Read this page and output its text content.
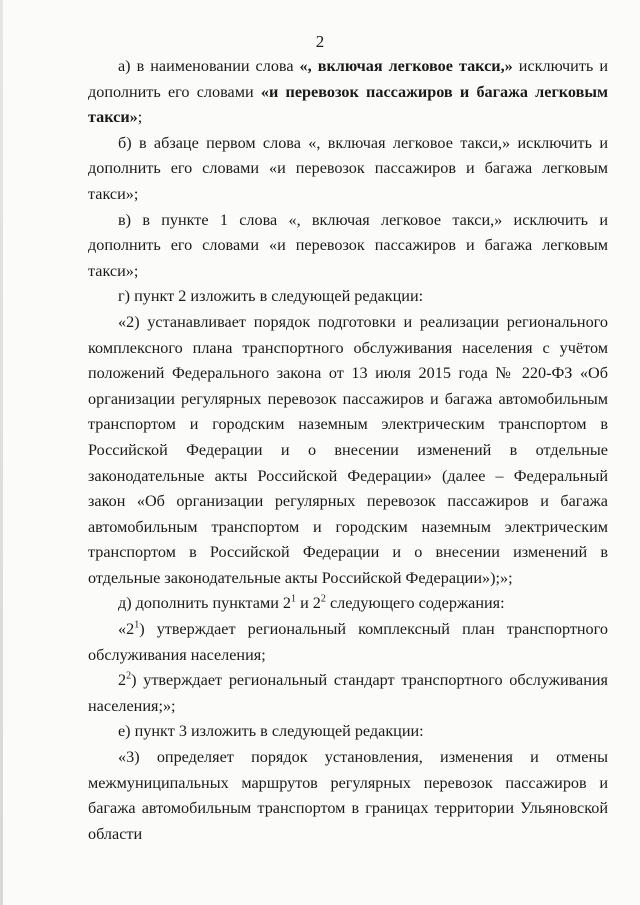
2

а) в наименовании слова «, включая легковое такси,» исключить и дополнить его словами «и перевозок пассажиров и багажа легковым такси»;

б) в абзаце первом слова «, включая легковое такси,» исключить и дополнить его словами «и перевозок пассажиров и багажа легковым такси»;

в) в пункте 1 слова «, включая легковое такси,» исключить и дополнить его словами «и перевозок пассажиров и багажа легковым такси»;

г) пункт 2 изложить в следующей редакции:

«2) устанавливает порядок подготовки и реализации регионального комплексного плана транспортного обслуживания населения с учётом положений Федерального закона от 13 июля 2015 года № 220-ФЗ «Об организации регулярных перевозок пассажиров и багажа автомобильным транспортом и городским наземным электрическим транспортом в Российской Федерации и о внесении изменений в отдельные законодательные акты Российской Федерации» (далее – Федеральный закон «Об организации регулярных перевозок пассажиров и багажа автомобильным транспортом и городским наземным электрическим транспортом в Российской Федерации и о внесении изменений в отдельные законодательные акты Российской Федерации»);»;

д) дополнить пунктами $2^1$ и $2^2$ следующего содержания:

«$2^1$) утверждает региональный комплексный план транспортного обслуживания населения;

$2^2$) утверждает региональный стандарт транспортного обслуживания населения;»;

е) пункт 3 изложить в следующей редакции:

«3) определяет порядок установления, изменения и отмены межмуниципальных маршрутов регулярных перевозок пассажиров и багажа автомобильным транспортом в границах территории Ульяновской области
